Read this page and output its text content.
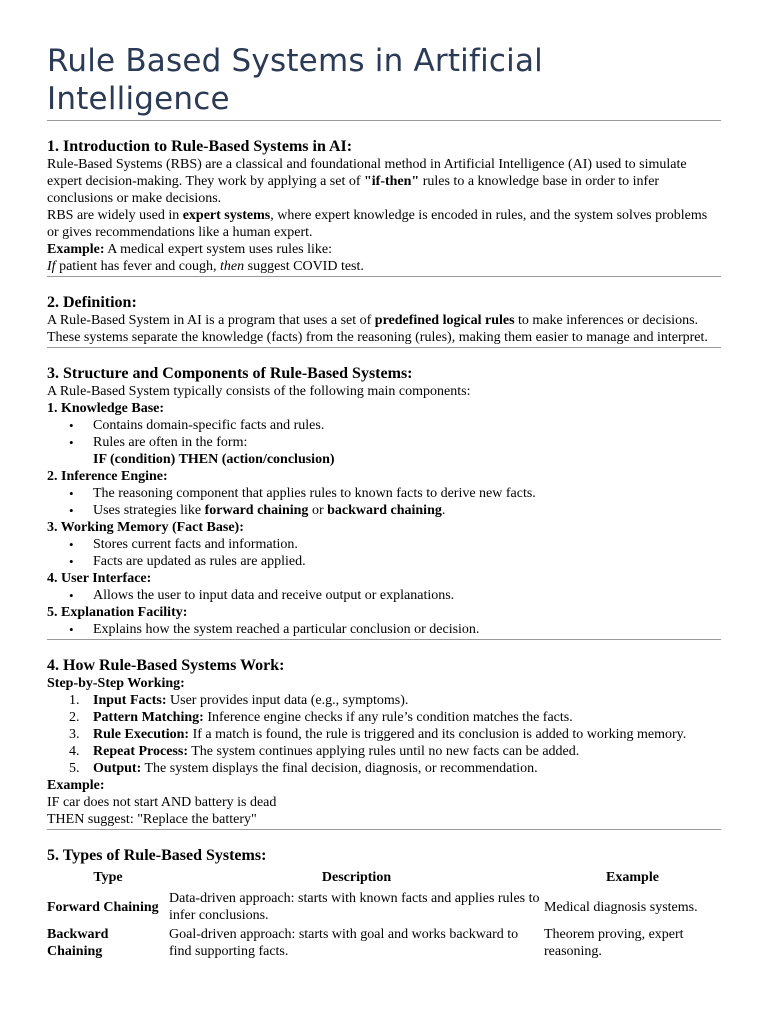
Rule Based Systems in Artificial Intelligence
1. Introduction to Rule-Based Systems in AI:

Rule-Based Systems (RBS) are a classical and foundational method in Artificial Intelligence (AI) used to simulate expert decision-making. They work by applying a set of "if-then" rules to a knowledge base in order to infer conclusions or make decisions.

RBS are widely used in expert systems, where expert knowledge is encoded in rules, and the system solves problems or gives recommendations like a human expert.

Example: A medical expert system uses rules like:

If patient has fever and cough, then suggest COVID test.

2. Definition:

A Rule-Based System in AI is a program that uses a set of predefined logical rules to make inferences or decisions. These systems separate the knowledge (facts) from the reasoning (rules), making them easier to manage and interpret.

3. Structure and Components of Rule-Based Systems:

A Rule-Based System typically consists of the following main components:

1. Knowledge Base:

• Contains domain-specific facts and rules.
• Rules are often in the form:
IF (condition) THEN (action/conclusion)

2. Inference Engine:

• The reasoning component that applies rules to known facts to derive new facts.
• Uses strategies like forward chaining or backward chaining.

3. Working Memory (Fact Base):

• Stores current facts and information.
• Facts are updated as rules are applied.

4. User Interface:

• Allows the user to input data and receive output or explanations.

5. Explanation Facility:

• Explains how the system reached a particular conclusion or decision.
4. How Rule-Based Systems Work:

Step-by-Step Working:

1. Input Facts: User provides input data (e.g., symptoms).
2. Pattern Matching: Inference engine checks if any rule’s condition matches the facts.
3. Rule Execution: If a match is found, the rule is triggered and its conclusion is added to working memory.
4. Repeat Process: The system continues applying rules until no new facts can be added.
5. Output: The system displays the final decision, diagnosis, or recommendation.

Example:

IF car does not start AND battery is dead

THEN suggest: "Replace the battery"

5. Types of Rule-Based Systems:
Type	Description	Example
Forward Chaining	Data-driven approach: starts with known facts and applies rules to infer conclusions.	Medical diagnosis systems.
Backward Chaining	Goal-driven approach: starts with goal and works backward to find supporting facts.	Theorem proving, expert reasoning.
